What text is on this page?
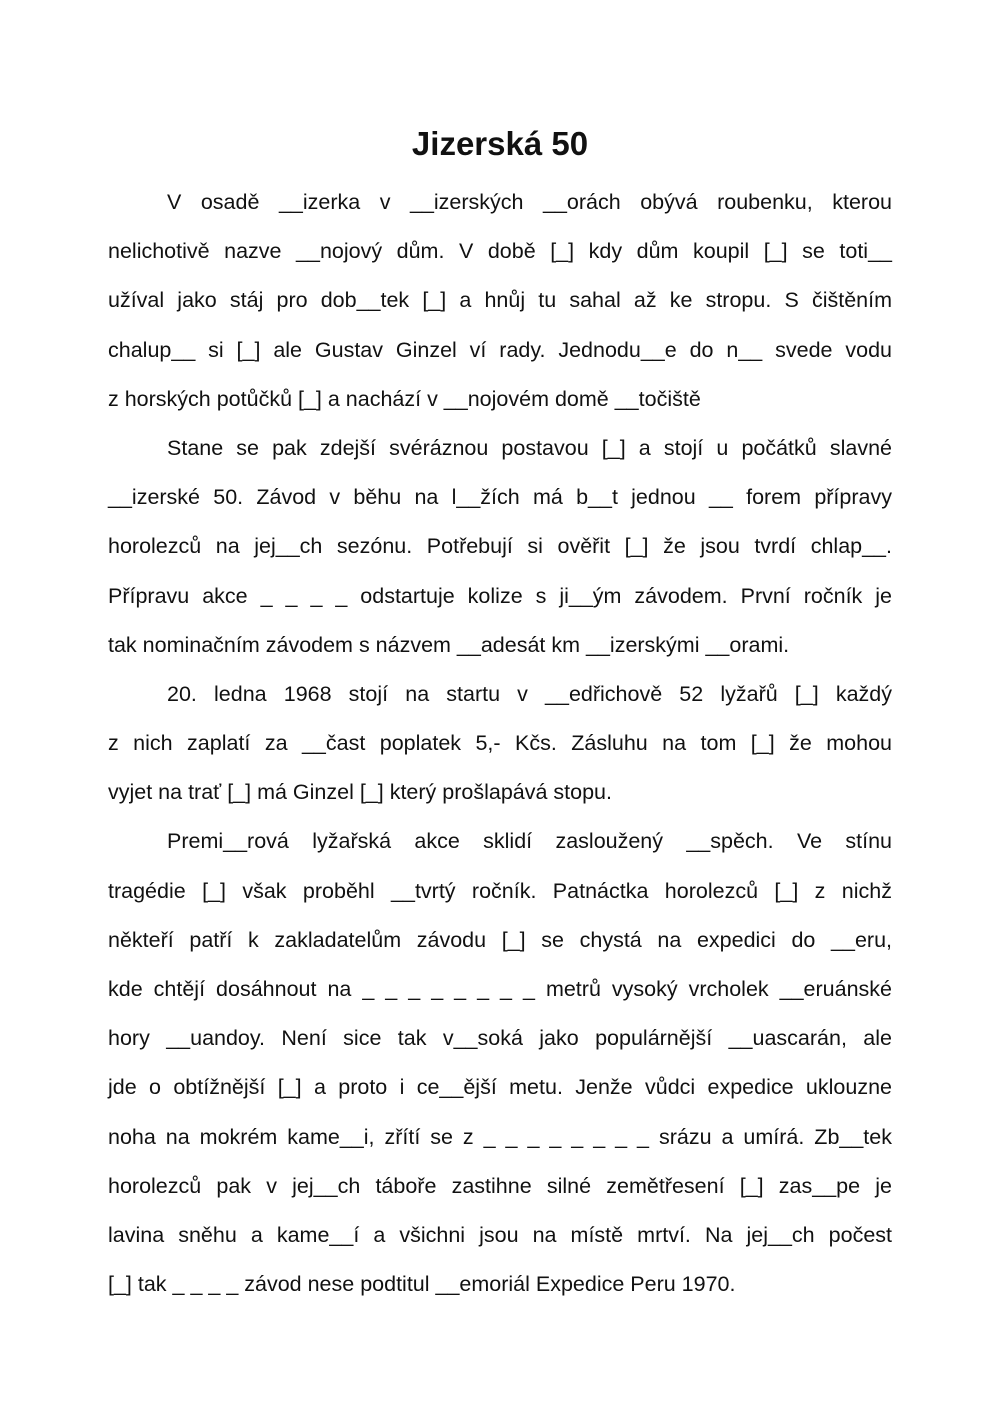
Jizerská 50
V osadě __izerka v __izerských __orách obývá roubenku, kterou
nelichotivě nazve __nojový dům. V době [_] kdy dům koupil [_] se toti__
užíval jako stáj pro dob__tek [_] a hnůj tu sahal až ke stropu. S čištěním
chalup__ si [_] ale Gustav Ginzel ví rady. Jednodu__e do n__ svede vodu
z horských potůčků [_] a nachází v __nojovém domě __točiště
Stane se pak zdejší svéráznou postavou [_] a stojí u počátků slavné
__izerské 50. Závod v běhu na l__žích má b__t jednou __ forem přípravy
horolezců na jej__ch sezónu. Potřebují si ověřit [_] že jsou tvrdí chlap__.
Přípravu akce _ _ _ _ odstartuje kolize s ji__ým závodem. První ročník je
tak nominačním závodem s názvem __adesát km __izerskými __orami.
20. ledna 1968 stojí na startu v __edřichově 52 lyžařů [_] každý
z nich zaplatí za __čast poplatek 5,- Kčs. Zásluhu na tom [_] že mohou
vyjet na trať [_] má Ginzel [_] který prošlapává stopu.
Premi__rová lyžařská akce sklidí zasloužený __spěch. Ve stínu
tragédie [_] však proběhl __tvrtý ročník. Patnáctka horolezců [_] z nichž
někteří patří k zakladatelům závodu [_] se chystá na expedici do __eru,
kde chtějí dosáhnout na _ _ _ _ _ _ _ _ metrů vysoký vrcholek __eruánské
hory __uandoy. Není sice tak v__soká jako populárnější __uascarán, ale
jde o obtížnější [_] a proto i ce__ější metu. Jenže vůdci expedice uklouzne
noha na mokrém kame__i, zřítí se z _ _ _ _ _ _ _ _ srázu a umírá. Zb__tek
horolezců pak v jej__ch táboře zastihne silné zemětřesení [_] zas__pe je
lavina sněhu a kame__í a všichni jsou na místě mrtví. Na jej__ch počest
[_] tak _ _ _ _ závod nese podtitul __emoriál Expedice Peru 1970.
